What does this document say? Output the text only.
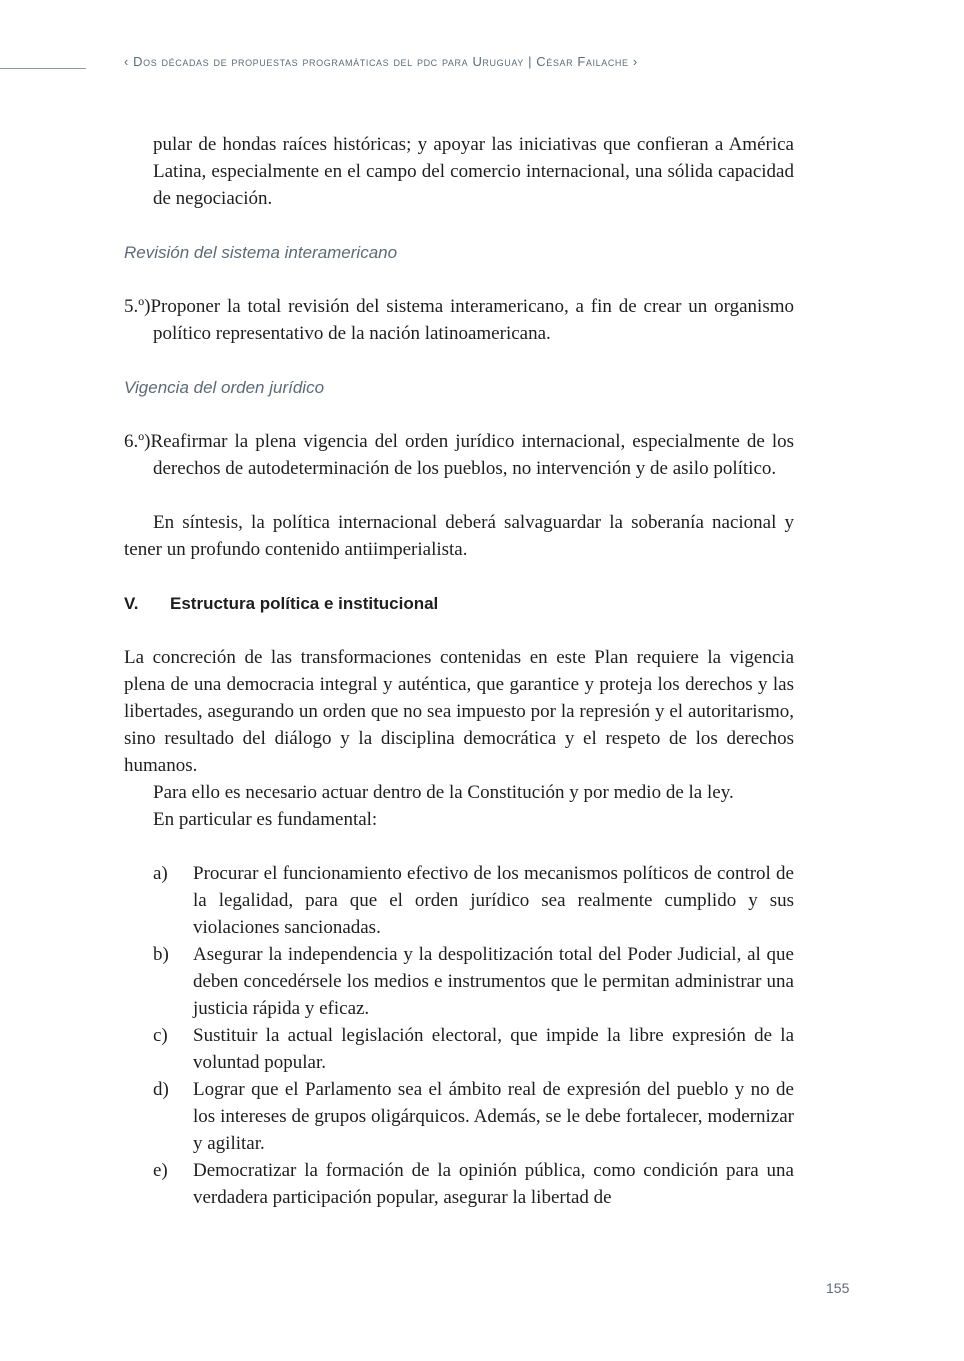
‹ Dos décadas de propuestas programáticas del pdc para Uruguay | César Failache ›

pular de hondas raíces históricas; y apoyar las iniciativas que confieran a América Latina, especialmente en el campo del comercio internacional, una sólida capacidad de negociación.

Revisión del sistema interamericano

5.º)Proponer la total revisión del sistema interamericano, a fin de crear un organismo político representativo de la nación latinoamericana.

Vigencia del orden jurídico

6.º)Reafirmar la plena vigencia del orden jurídico internacional, especialmente de los derechos de autodeterminación de los pueblos, no intervención y de asilo político.

En síntesis, la política internacional deberá salvaguardar la soberanía nacional y tener un profundo contenido antiimperialista.

V.	Estructura política e institucional

La concreción de las transformaciones contenidas en este Plan requiere la vigencia plena de una democracia integral y auténtica, que garantice y proteja los derechos y las libertades, asegurando un orden que no sea impuesto por la represión y el autoritarismo, sino resultado del diálogo y la disciplina democrática y el respeto de los derechos humanos.

Para ello es necesario actuar dentro de la Constitución y por medio de la ley.

En particular es fundamental:

a)	Procurar el funcionamiento efectivo de los mecanismos políticos de control de la legalidad, para que el orden jurídico sea realmente cumplido y sus violaciones sancionadas.
b)	Asegurar la independencia y la despolitización total del Poder Judicial, al que deben concedérsele los medios e instrumentos que le permitan administrar una justicia rápida y eficaz.
c)	Sustituir la actual legislación electoral, que impide la libre expresión de la voluntad popular.
d)	Lograr que el Parlamento sea el ámbito real de expresión del pueblo y no de los intereses de grupos oligárquicos. Además, se le debe fortalecer, modernizar y agilitar.
e)	Democratizar la formación de la opinión pública, como condición para una verdadera participación popular, asegurar la libertad de
155
